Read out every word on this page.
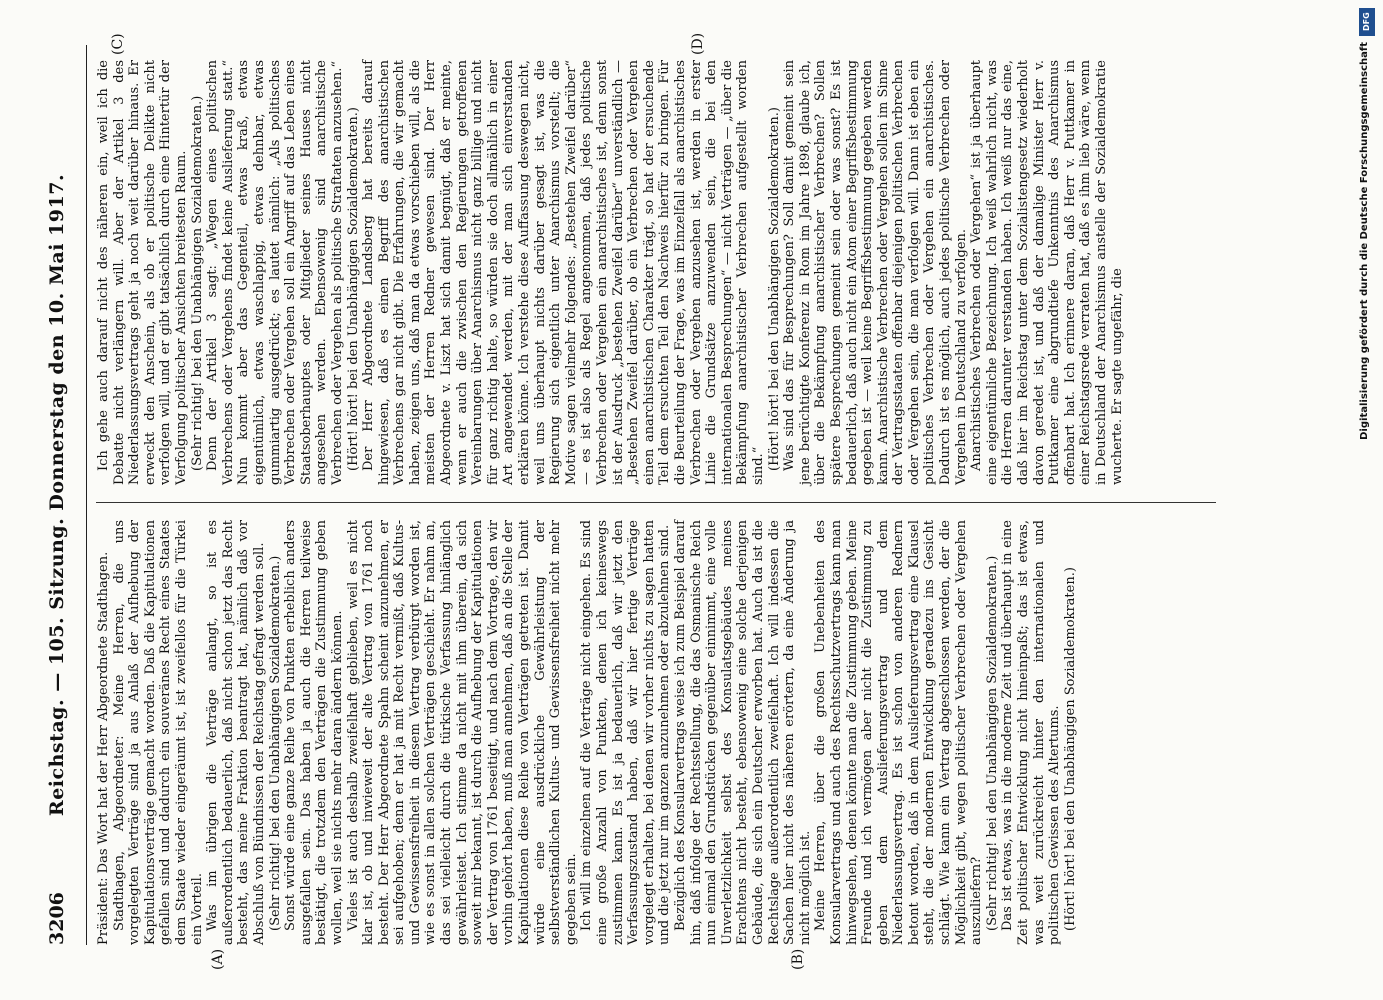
3206
Reichstag. — 105. Sitzung. Donnerstag den 10. Mai 1917.
(A)	(B)
(C)	(D)

Präsident: Das Wort hat der Herr Abgeordnete Stadthagen. Stadthagen, Abgeordneter: Meine Herren, die uns vorgelegten Verträge sind ja aus Anlaß der Aufhebung der Kapitulationsverträge gemacht worden. Daß die Kapitulationen gefallen sind und dadurch ein souveränes Recht eines Staates dem Staate wieder eingeräumt ist, ist zweifellos für die Türkei ein Vorteil. Was im übrigen die Verträge anlangt, so ist es außerordentlich bedauerlich, daß nicht schon jetzt das Recht besteht, das meine Fraktion beantragt hat, nämlich daß vor Abschluß von Bündnissen der Reichstag gefragt werden soll. (Sehr richtig! bei den Unabhängigen Sozialdemokraten.) Sonst würde eine ganze Reihe von Punkten erheblich anders ausgefallen sein. Das haben ja auch die Herren teilweise bestätigt, die trotzdem den Verträgen die Zustimmung geben wollen, weil sie nichts mehr daran ändern können. Vieles ist auch deshalb zweifelhaft geblieben, weil es nicht klar ist, ob und inwieweit der alte Vertrag von 1761 noch besteht. Der Herr Abgeordnete Spahn scheint anzunehmen, er sei aufgehoben; denn er hat ja mit Recht vermißt, daß Kultus- und Gewissensfreiheit in diesem Vertrag verbürgt worden ist, wie es sonst in allen solchen Verträgen geschieht. Er nahm an, das sei vielleicht durch die türkische Verfassung hinlänglich gewährleistet. Ich stimme da nicht mit ihm überein, da sich soweit mir bekannt, ist durch die Aufhebung der Kapitulationen der Vertrag von 1761 beseitigt, und nach dem Vortrage, den wir vorhin gehört haben, muß man annehmen, daß an die Stelle der Kapitulationen diese Reihe von Verträgen getreten ist. Damit würde eine ausdrückliche Gewährleistung der selbstverständlichen Kultus- und Gewissensfreiheit nicht mehr gegeben sein. Ich will im einzelnen auf die Verträge nicht eingehen. Es sind eine große Anzahl von Punkten, denen ich keineswegs zustimmen kann. Es ist ja bedauerlich, daß wir jetzt den Verfassungszustand haben, daß wir hier fertige Verträge vorgelegt erhalten, bei denen wir vorher nichts zu sagen hatten und die jetzt nur im ganzen anzunehmen oder abzulehnen sind. Bezüglich des Konsularvertrags weise ich zum Beispiel darauf hin, daß infolge der Rechtsstellung, die das Osmanische Reich nun einmal den Grundstücken gegenüber einnimmt, eine volle Unverletzlichkeit selbst des Konsulatsgebäudes meines Erachtens nicht besteht, ebensowenig eine solche derjenigen Gebäude, die sich ein Deutscher erworben hat. Auch da ist die Rechtslage außerordentlich zweifelhaft. Ich will indessen die Sachen hier nicht des näheren erörtern, da eine Änderung ja nicht möglich ist. Meine Herren, über die großen Unebenheiten des Konsularvertrags und auch des Rechtsschutzvertrags kann man hinwegsehen, denen könnte man die Zustimmung geben. Meine Freunde und ich vermögen aber nicht die Zustimmung zu geben dem Auslieferungsvertrag und dem Niederlassungsvertrag. Es ist schon von anderen Rednern betont worden, daß in dem Auslieferungsvertrag eine Klausel steht, die der modernen Entwicklung geradezu ins Gesicht schlägt. Wie kann ein Vertrag abgeschlossen werden, der die Möglichkeit gibt, wegen politischer Verbrechen oder Vergehen auszuliefern? (Sehr richtig! bei den Unabhängigen Sozialdemokraten.) Das ist etwas, was in die moderne Zeit und überhaupt in eine Zeit politischer Entwicklung nicht hineinpaßt; das ist etwas, was weit zurückreicht hinter den internationalen und politischen Gewissen des Altertums. (Hört! hört! bei den Unabhängigen Sozialdemokraten.)

Ich gehe auch darauf nicht des näheren ein, weil ich die Debatte nicht verlängern will. Aber der Artikel 3 des Niederlassungsvertrags geht ja noch weit darüber hinaus. Er erweckt den Anschein, als ob er politische Delikte nicht verfolgen will, und er gibt tatsächlich durch eine Hintertür der Verfolgung politischer Ansichten breitesten Raum. (Sehr richtig! bei den Unabhängigen Sozialdemokraten.) Denn der Artikel 3 sagt: „Wegen eines politischen Verbrechens oder Vergehens findet keine Auslieferung statt.“ Nun kommt aber das Gegenteil, etwas kraß, etwas eigentümlich, etwas waschlappig, etwas dehnbar, etwas gummiartig ausgedrückt; es lautet nämlich: „Als politisches Verbrechen oder Vergehen soll ein Angriff auf das Leben eines Staatsoberhauptes oder Mitglieder seines Hauses nicht angesehen werden. Ebensowenig sind anarchistische Verbrechen oder Vergehen als politische Straftaten anzusehen.“ (Hört! hört! bei den Unabhängigen Sozialdemokraten.) Der Herr Abgeordnete Landsberg hat bereits darauf hingewiesen, daß es einen Begriff des anarchistischen Verbrechens gar nicht gibt. Die Erfahrungen, die wir gemacht haben, zeigen uns, daß man da etwas vorschieben will, als die meisten der Herren Redner gewesen sind. Der Herr Abgeordnete v. Liszt hat sich damit begnügt, daß er meinte, wenn er auch die zwischen den Regierungen getroffenen Vereinbarungen über Anarchismus nicht ganz billige und nicht für ganz richtig halte, so würden sie doch allmählich in einer Art angewendet werden, mit der man sich einverstanden erklären könne. Ich verstehe diese Auffassung deswegen nicht, weil uns überhaupt nichts darüber gesagt ist, was die Regierung sich eigentlich unter Anarchismus vorstellt; die Motive sagen vielmehr folgendes: „Bestehen Zweifel darüber“ — es ist also als Regel angenommen, daß jedes politische Verbrechen oder Vergehen ein anarchistisches ist, denn sonst ist der Ausdruck „bestehen Zweifel darüber“ unverständlich — „Bestehen Zweifel darüber, ob ein Verbrechen oder Vergehen einen anarchistischen Charakter trägt, so hat der ersuchende Teil dem ersuchten Teil den Nachweis hierfür zu bringen. Für die Beurteilung der Frage, was im Einzelfall als anarchistisches Verbrechen oder Vergehen anzusehen ist, werden in erster Linie die Grundsätze anzuwenden sein, die bei den internationalen Besprechungen“ — nicht Verträgen — „über die Bekämpfung anarchistischer Verbrechen aufgestellt worden sind.“ (Hört! hört! bei den Unabhängigen Sozialdemokraten.) Was sind das für Besprechungen? Soll damit gemeint sein jene berüchtigte Konferenz in Rom im Jahre 1898, glaube ich, über die Bekämpfung anarchistischer Verbrechen? Sollen spätere Besprechungen gemeint sein oder was sonst? Es ist bedauerlich, daß auch nicht ein Atom einer Begriffsbestimmung gegeben ist — weil keine Begriffsbestimmung gegeben werden kann. Anarchistische Verbrechen oder Vergehen sollen im Sinne der Vertragsstaaten offenbar diejenigen politischen Verbrechen oder Vergehen sein, die man verfolgen will. Dann ist eben ein politisches Verbrechen oder Vergehen ein anarchistisches. Dadurch ist es möglich, auch jedes politische Verbrechen oder Vergehen in Deutschland zu verfolgen. Anarchistisches Verbrechen oder Vergehen“ ist ja überhaupt eine eigentümliche Bezeichnung. Ich weiß wahrlich nicht, was die Herren darunter verstanden haben. Ich weiß nur das eine, daß hier im Reichstag unter dem Sozialistengesetz wiederholt davon geredet ist, und daß der damalige Minister Herr v. Puttkamer eine abgrundtiefe Unkenntnis des Anarchismus offenbart hat. Ich erinnere daran, daß Herr v. Puttkamer in einer Reichstagsrede verraten hat, daß es ihm lieb wäre, wenn in Deutschland der Anarchismus anstelle der Sozialdemokratie wucherte. Er sagte ungefähr, die

DFG
Digitalisierung gefördert durch die Deutsche Forschungsgemeinschaft
